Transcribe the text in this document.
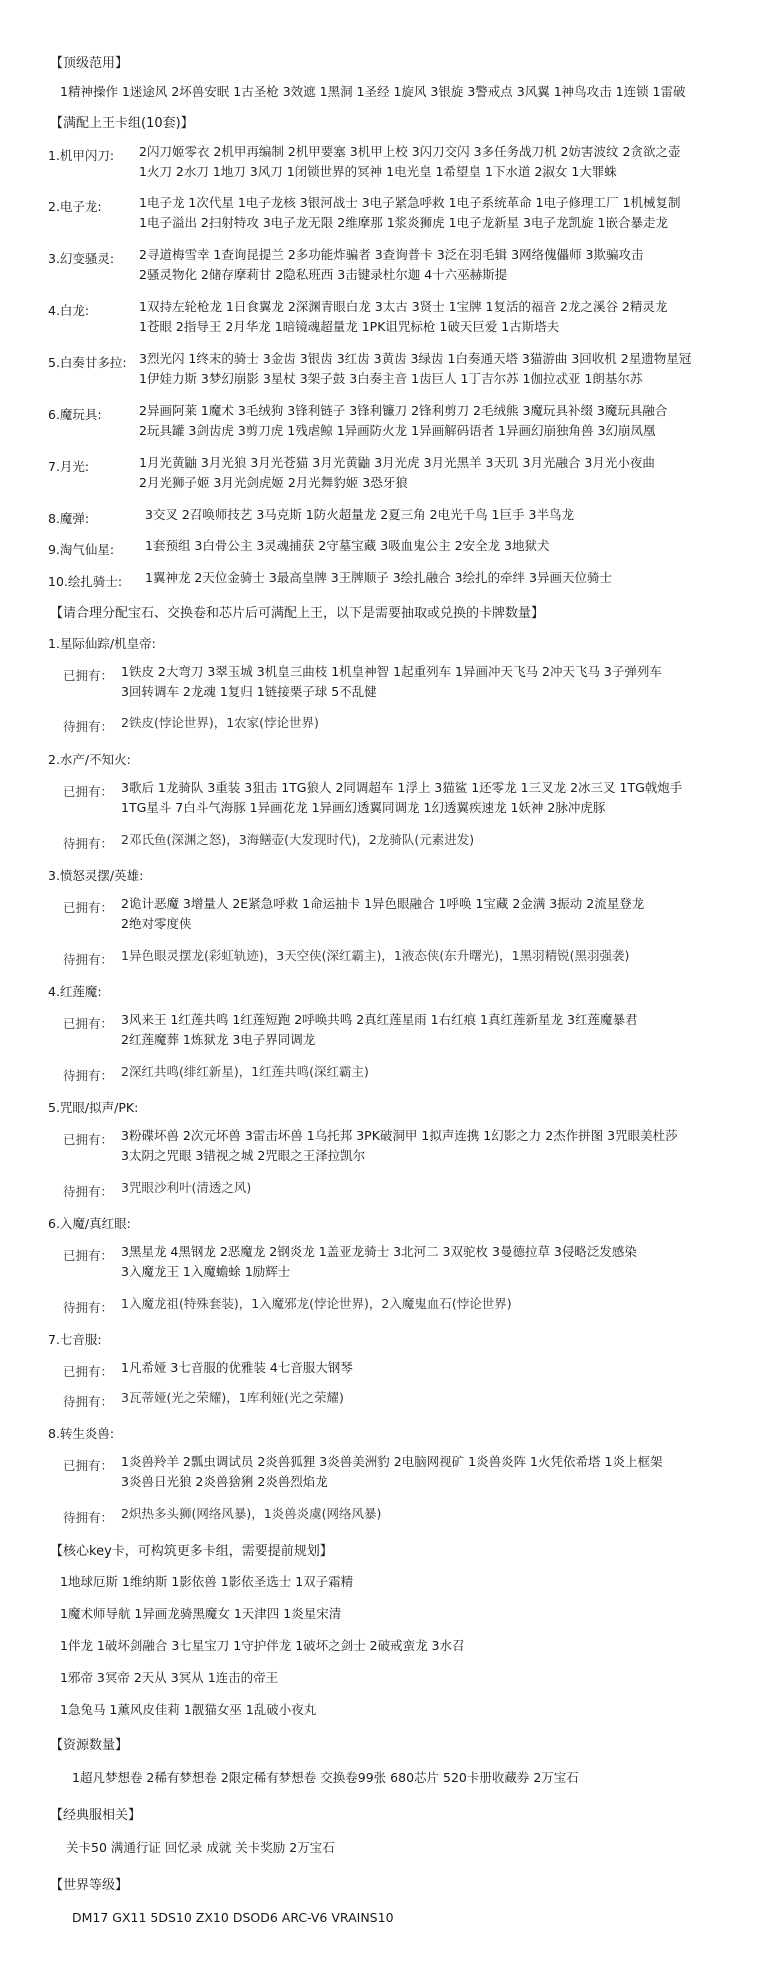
【顶级范用】
1精神操作 1迷途风 2坏兽安眠 1古圣枪 3效遮 1黑洞 1圣经 1旋风 3银旋 3警戒点 3风翼 1神鸟攻击 1连锁 1雷破
【满配上王卡组(10套)】
1.机甲闪刀: 2闪刀姬零衣 2机甲再编制 2机甲要塞 3机甲上校 3闪刀交闪 3多任务战刀机 2妨害波纹 2贪欲之壶
1火刀 2水刀 1地刀 3风刀 1闭锁世界的冥神 1电光皇 1希望皇 1下水道 2淑女 1大罪蛛
2.电子龙:	1电子龙 1次代星 1电子龙核 3银河战士 3电子紧急呼救 1电子系统革命 1电子修理工厂 1机械复制
1电子溢出 2扫射特攻 3电子龙无限 2维摩那 1浆炎狮虎 1电子龙新星 3电子龙凯旋 1嵌合暴走龙
3.幻变骚灵: 2寻道梅雪幸 1查询昆提兰 2多功能炸骗者 3查询普卡 3泛在羽毛辑 3网络傀儡师 3欺骗攻击
2骚灵物化 2储存摩莉甘 2隐私班西 3击键录杜尔迦 4十六巫赫斯提
4.白龙:	1双持左轮枪龙 1日食翼龙 2深渊青眼白龙 3太古 3贤士 1宝牌 1复活的福音 2龙之溪谷 2精灵龙
1苍眼 2指导王 2月华龙 1暗镜魂超量龙 1PK诅咒标枪 1破天巨爱 1古斯塔夫
5.白奏甘多拉: 3烈光闪 1终末的骑士 3金齿 3银齿 3红齿 3黄齿 3绿齿 1白奏通天塔 3猫游曲 3回收机 2星遗物星冠
1伊娃力斯 3梦幻崩影 3星杖 3架子鼓 3白奏主音 1齿巨人 1丁吉尔苏 1伽拉忒亚 1朗基尔苏
6.魔玩具:	2异画阿莱 1魔术 3毛绒狗 3锋利链子 3锋利镰刀 2锋利剪刀 2毛绒熊 3魔玩具补缀 3魔玩具融合
2玩具罐 3剑齿虎 3剪刀虎 1残虐鲸 1异画防火龙 1异画解码语者 1异画幻崩独角兽 3幻崩凤凰
7.月光:	1月光黄鼬 3月光狼 3月光苍猫 3月光黄鼬 3月光虎 3月光黑羊 3天玑 3月光融合 3月光小夜曲
2月光狮子姬 3月光剑虎姬 2月光舞豹姬 3恐牙狼
8.魔弹:	3交叉 2召唤师技艺 3马克斯 1防火超量龙 2夏三角 2电光千鸟 1巨手 3半鸟龙
9.淘气仙星: 1套预组 3白骨公主 3灵魂捕获 2守墓宝藏 3吸血鬼公主 2安全龙 3地狱犬
10.绘扎骑士: 1翼神龙 2天位金骑士 3最高皇牌 3王牌顺子 3绘扎融合 3绘扎的牵绊 3异画天位骑士
【请合理分配宝石、交换卷和芯片后可满配上王，以下是需要抽取或兑换的卡牌数量】
1.星际仙踪/机皇帝:
已拥有： 1铁皮 2大弯刀 3翠玉城 3机皇三曲枝 1机皇神智 1起重列车 1异画冲天飞马 2冲天飞马 3子弹列车
3回转调车 2龙魂 1复归 1链接栗子球 5不乱健
待拥有： 2铁皮(悖论世界)，1农家(悖论世界)
2.水产/不知火:
已拥有： 3歌后 1龙骑队 3重装 3狙击 1TG狼人 2同调超车 1浮上 3猫鲨 1还零龙 1三叉龙 2冰三叉 1TG戟炮手
1TG星斗 7白斗气海豚 1异画花龙 1异画幻透翼同调龙 1幻透翼疾速龙 1妖神 2脉冲虎豚
待拥有： 2邓氏鱼(深渊之怒)，3海鳝壶(大发现时代)，2龙骑队(元素进发)
3.愤怒灵摆/英雄:
已拥有： 2诡计恶魔 3增量人 2E紧急呼救 1命运抽卡 1异色眼融合 1呼唤 1宝藏 2金满 3振动 2流星登龙
2绝对零度侠
待拥有： 1异色眼灵摆龙(彩虹轨迹)，3天空侠(深红霸主)，1液态侠(东升曙光)，1黑羽精锐(黑羽强袭)
4.红莲魔:
已拥有： 3风来王 1红莲共鸣 1红莲短跑 2呼唤共鸣 2真红莲星雨 1右红痕 1真红莲新星龙 3红莲魔暴君
2红莲魔葬 1炼狱龙 3电子界同调龙
待拥有： 2深红共鸣(绯红新星)，1红莲共鸣(深红霸主)
5.咒眼/拟声/PK:
已拥有： 3粉碟坏兽 2次元坏兽 3雷击坏兽 1乌托邦 3PK破洞甲 1拟声连携 1幻影之力 2杰作拼图 3咒眼美杜莎
3太阴之咒眼 3错视之城 2咒眼之王泽拉凯尔
待拥有： 3咒眼沙利叶(清透之风)
6.入魔/真红眼:
已拥有： 3黑星龙 4黑钢龙 2恶魔龙 2钢炎龙 1盖亚龙骑士 3北河二 3双驼枚 3曼德拉草 3侵略泛发感染
3入魔龙王 1入魔蟾蜍 1励辉士
待拥有： 1入魔龙祖(特殊套装)，1入魔邪龙(悖论世界)，2入魔鬼血石(悖论世界)
7.七音服:
已拥有： 1凡希娅 3七音服的优雅装 4七音服大钢琴
待拥有： 3瓦蒂娅(光之荣耀)，1库利娅(光之荣耀)
8.转生炎兽:
已拥有： 1炎兽羚羊 2瓢虫调试员 2炎兽狐狸 3炎兽美洲豹 2电脑网视矿 1炎兽炎阵 1火凭依希塔 1炎上框架
3炎兽日光狼 2炎兽猞猁 2炎兽烈焰龙
待拥有： 2炽热多头狮(网络风暴)，1炎兽炎虞(网络风暴)
【核心key卡，可构筑更多卡组，需要提前规划】
1地球厄斯 1维纳斯 1影依兽 1影依圣选士 1双子霜精
1魔术师导航 1异画龙骑黑魔女 1天津四 1炎星宋清
1伴龙 1破坏剑融合 3七星宝刀 1守护伴龙 1破坏之剑士 2破戒蛮龙 3水召
1邪帝 3冥帝 2天从 3冥从 1连击的帝王
1急兔马 1薰风皮佳莉 1靓猫女巫 1乱破小夜丸
【资源数量】
1超凡梦想卷 2稀有梦想卷 2限定稀有梦想卷 交换卷99张 680芯片 520卡册收藏券 2万宝石
【经典服相关】
关卡50 满通行证 回忆录 成就 关卡奖励 2万宝石
【世界等级】
DM17 GX11 5DS10 ZX10 DSOD6 ARC-V6 VRAINS10
